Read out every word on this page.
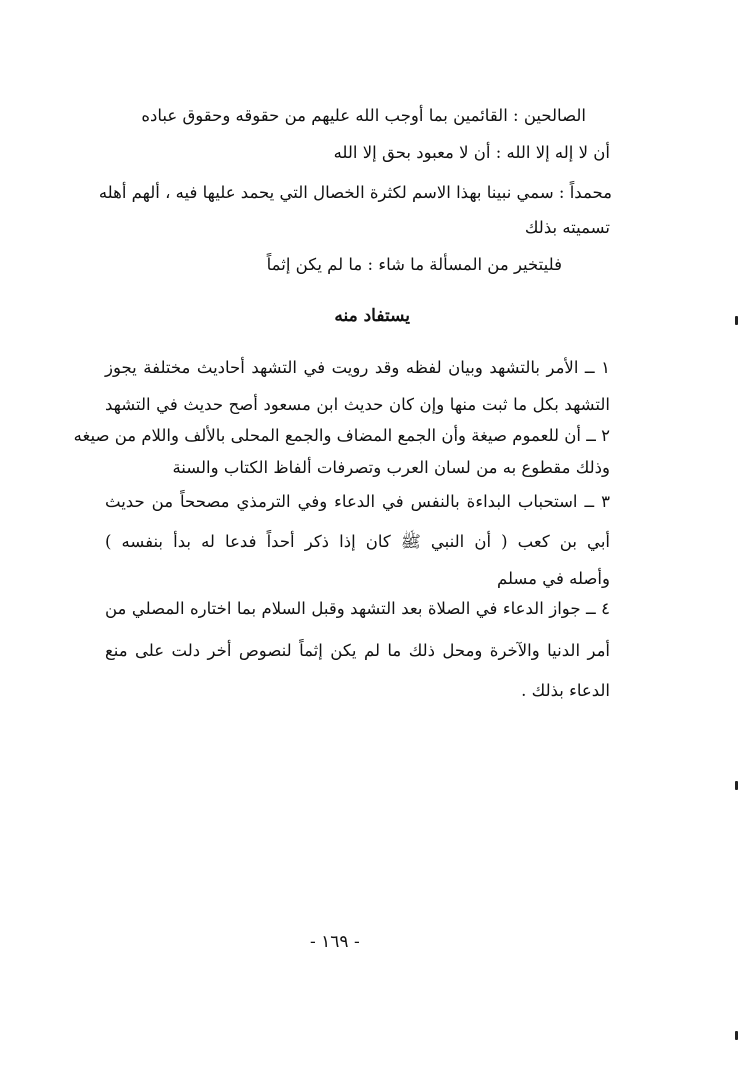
الصالحين : القائمين بما أوجب الله عليهم من حقوقه وحقوق عباده
أن لا إله إلا الله : أن لا معبود بحق إلا الله
محمداً : سمي نبينا بهذا الاسم لكثرة الخصال التي يحمد عليها فيه ، ألهم أهله
تسميته بذلك
فليتخير من المسألة ما شاء : ما لم يكن إثماً
يستفاد منه
١ ــ الأمر بالتشهد وبيان لفظه وقد رويت في التشهد أحاديث مختلفة يجوز
التشهد بكل ما ثبت منها وإن كان حديث ابن مسعود أصح حديث في التشهد
٢ ــ أن للعموم صيغة وأن الجمع المضاف والجمع المحلى بالألف واللام من صيغه
وذلك مقطوع به من لسان العرب وتصرفات ألفاظ الكتاب والسنة
٣ ــ استحباب البداءة بالنفس في الدعاء وفي الترمذي مصححاً من حديث
أبي بن كعب ( أن النبي ﷺ كان إذا ذكر أحداً فدعا له بدأ بنفسه )
وأصله في مسلم
٤ ــ جواز الدعاء في الصلاة بعد التشهد وقبل السلام بما اختاره المصلي من
أمر الدنيا والآخرة ومحل ذلك ما لم يكن إثماً لنصوص أخر دلت على منع
الدعاء بذلك .
- ١٦٩ -
